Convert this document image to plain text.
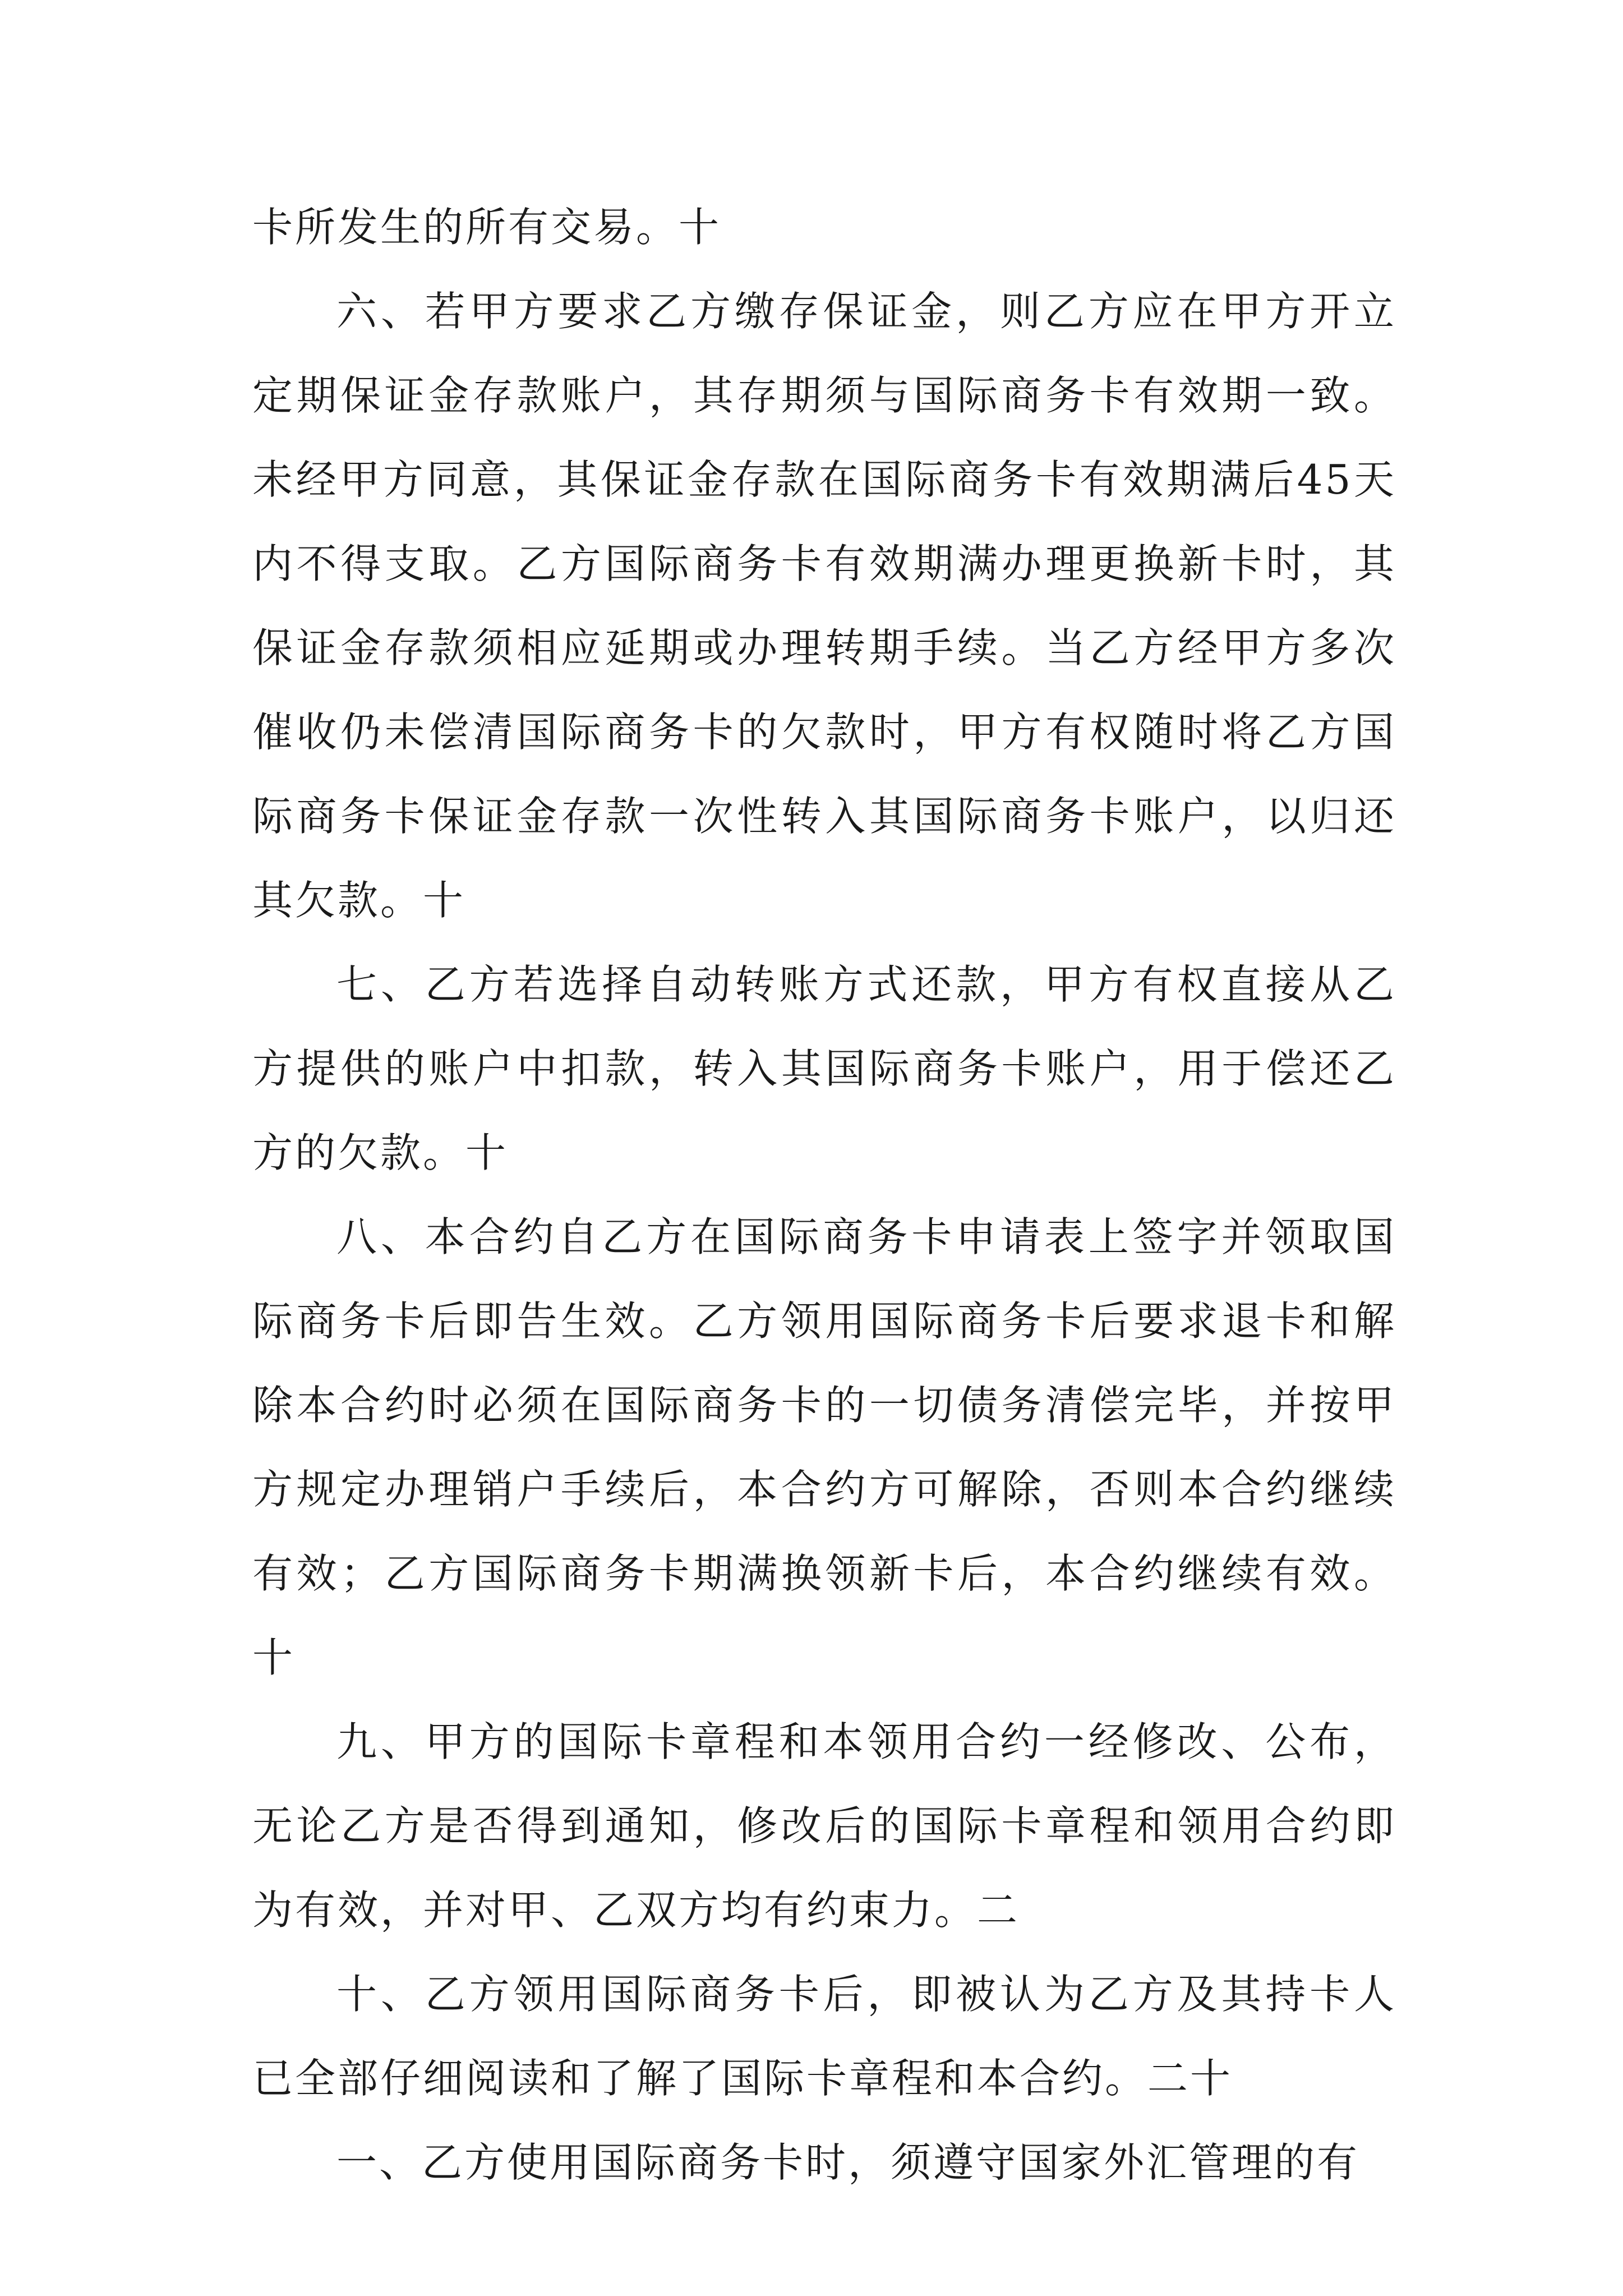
卡所发生的所有交易。十

六、若甲方要求乙方缴存保证金，则乙方应在甲方开立定期保证金存款账户，其存期须与国际商务卡有效期一致。未经甲方同意，其保证金存款在国际商务卡有效期满后45天内不得支取。乙方国际商务卡有效期满办理更换新卡时，其保证金存款须相应延期或办理转期手续。当乙方经甲方多次催收仍未偿清国际商务卡的欠款时，甲方有权随时将乙方国际商务卡保证金存款一次性转入其国际商务卡账户，以归还其欠款。十

七、乙方若选择自动转账方式还款，甲方有权直接从乙方提供的账户中扣款，转入其国际商务卡账户，用于偿还乙方的欠款。十

八、本合约自乙方在国际商务卡申请表上签字并领取国际商务卡后即告生效。乙方领用国际商务卡后要求退卡和解除本合约时必须在国际商务卡的一切债务清偿完毕，并按甲方规定办理销户手续后，本合约方可解除，否则本合约继续有效；乙方国际商务卡期满换领新卡后，本合约继续有效。十

九、甲方的国际卡章程和本领用合约一经修改、公布，无论乙方是否得到通知，修改后的国际卡章程和领用合约即为有效，并对甲、乙双方均有约束力。二

十、乙方领用国际商务卡后，即被认为乙方及其持卡人已全部仔细阅读和了解了国际卡章程和本合约。二十

一、乙方使用国际商务卡时，须遵守国家外汇管理的有
